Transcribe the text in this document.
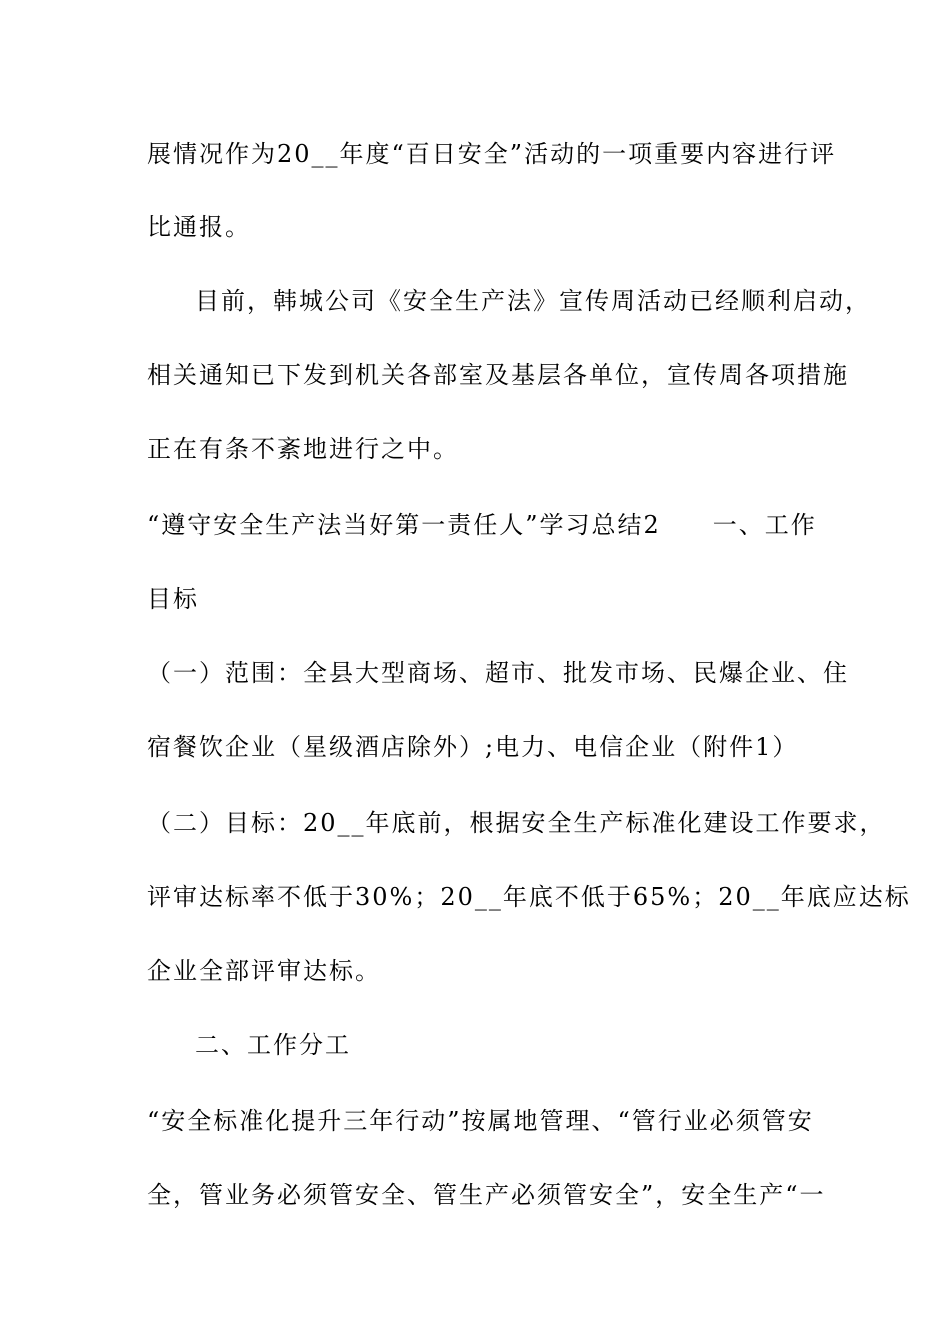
展情况作为20__年度“百日安全”活动的一项重要内容进行评
比通报。
目前，韩城公司《安全生产法》宣传周活动已经顺利启动，
相关通知已下发到机关各部室及基层各单位，宣传周各项措施
正在有条不紊地进行之中。
“遵守安全生产法当好第一责任人”学习总结2　　一、工作
目标
（一）范围：全县大型商场、超市、批发市场、民爆企业、住
宿餐饮企业（星级酒店除外）;电力、电信企业（附件1）
（二）目标：20__年底前，根据安全生产标准化建设工作要求，
评审达标率不低于30%；20__年底不低于65%；20__年底应达标
企业全部评审达标。
二、工作分工
“安全标准化提升三年行动”按属地管理、“管行业必须管安
全，管业务必须管安全、管生产必须管安全”，安全生产“一
